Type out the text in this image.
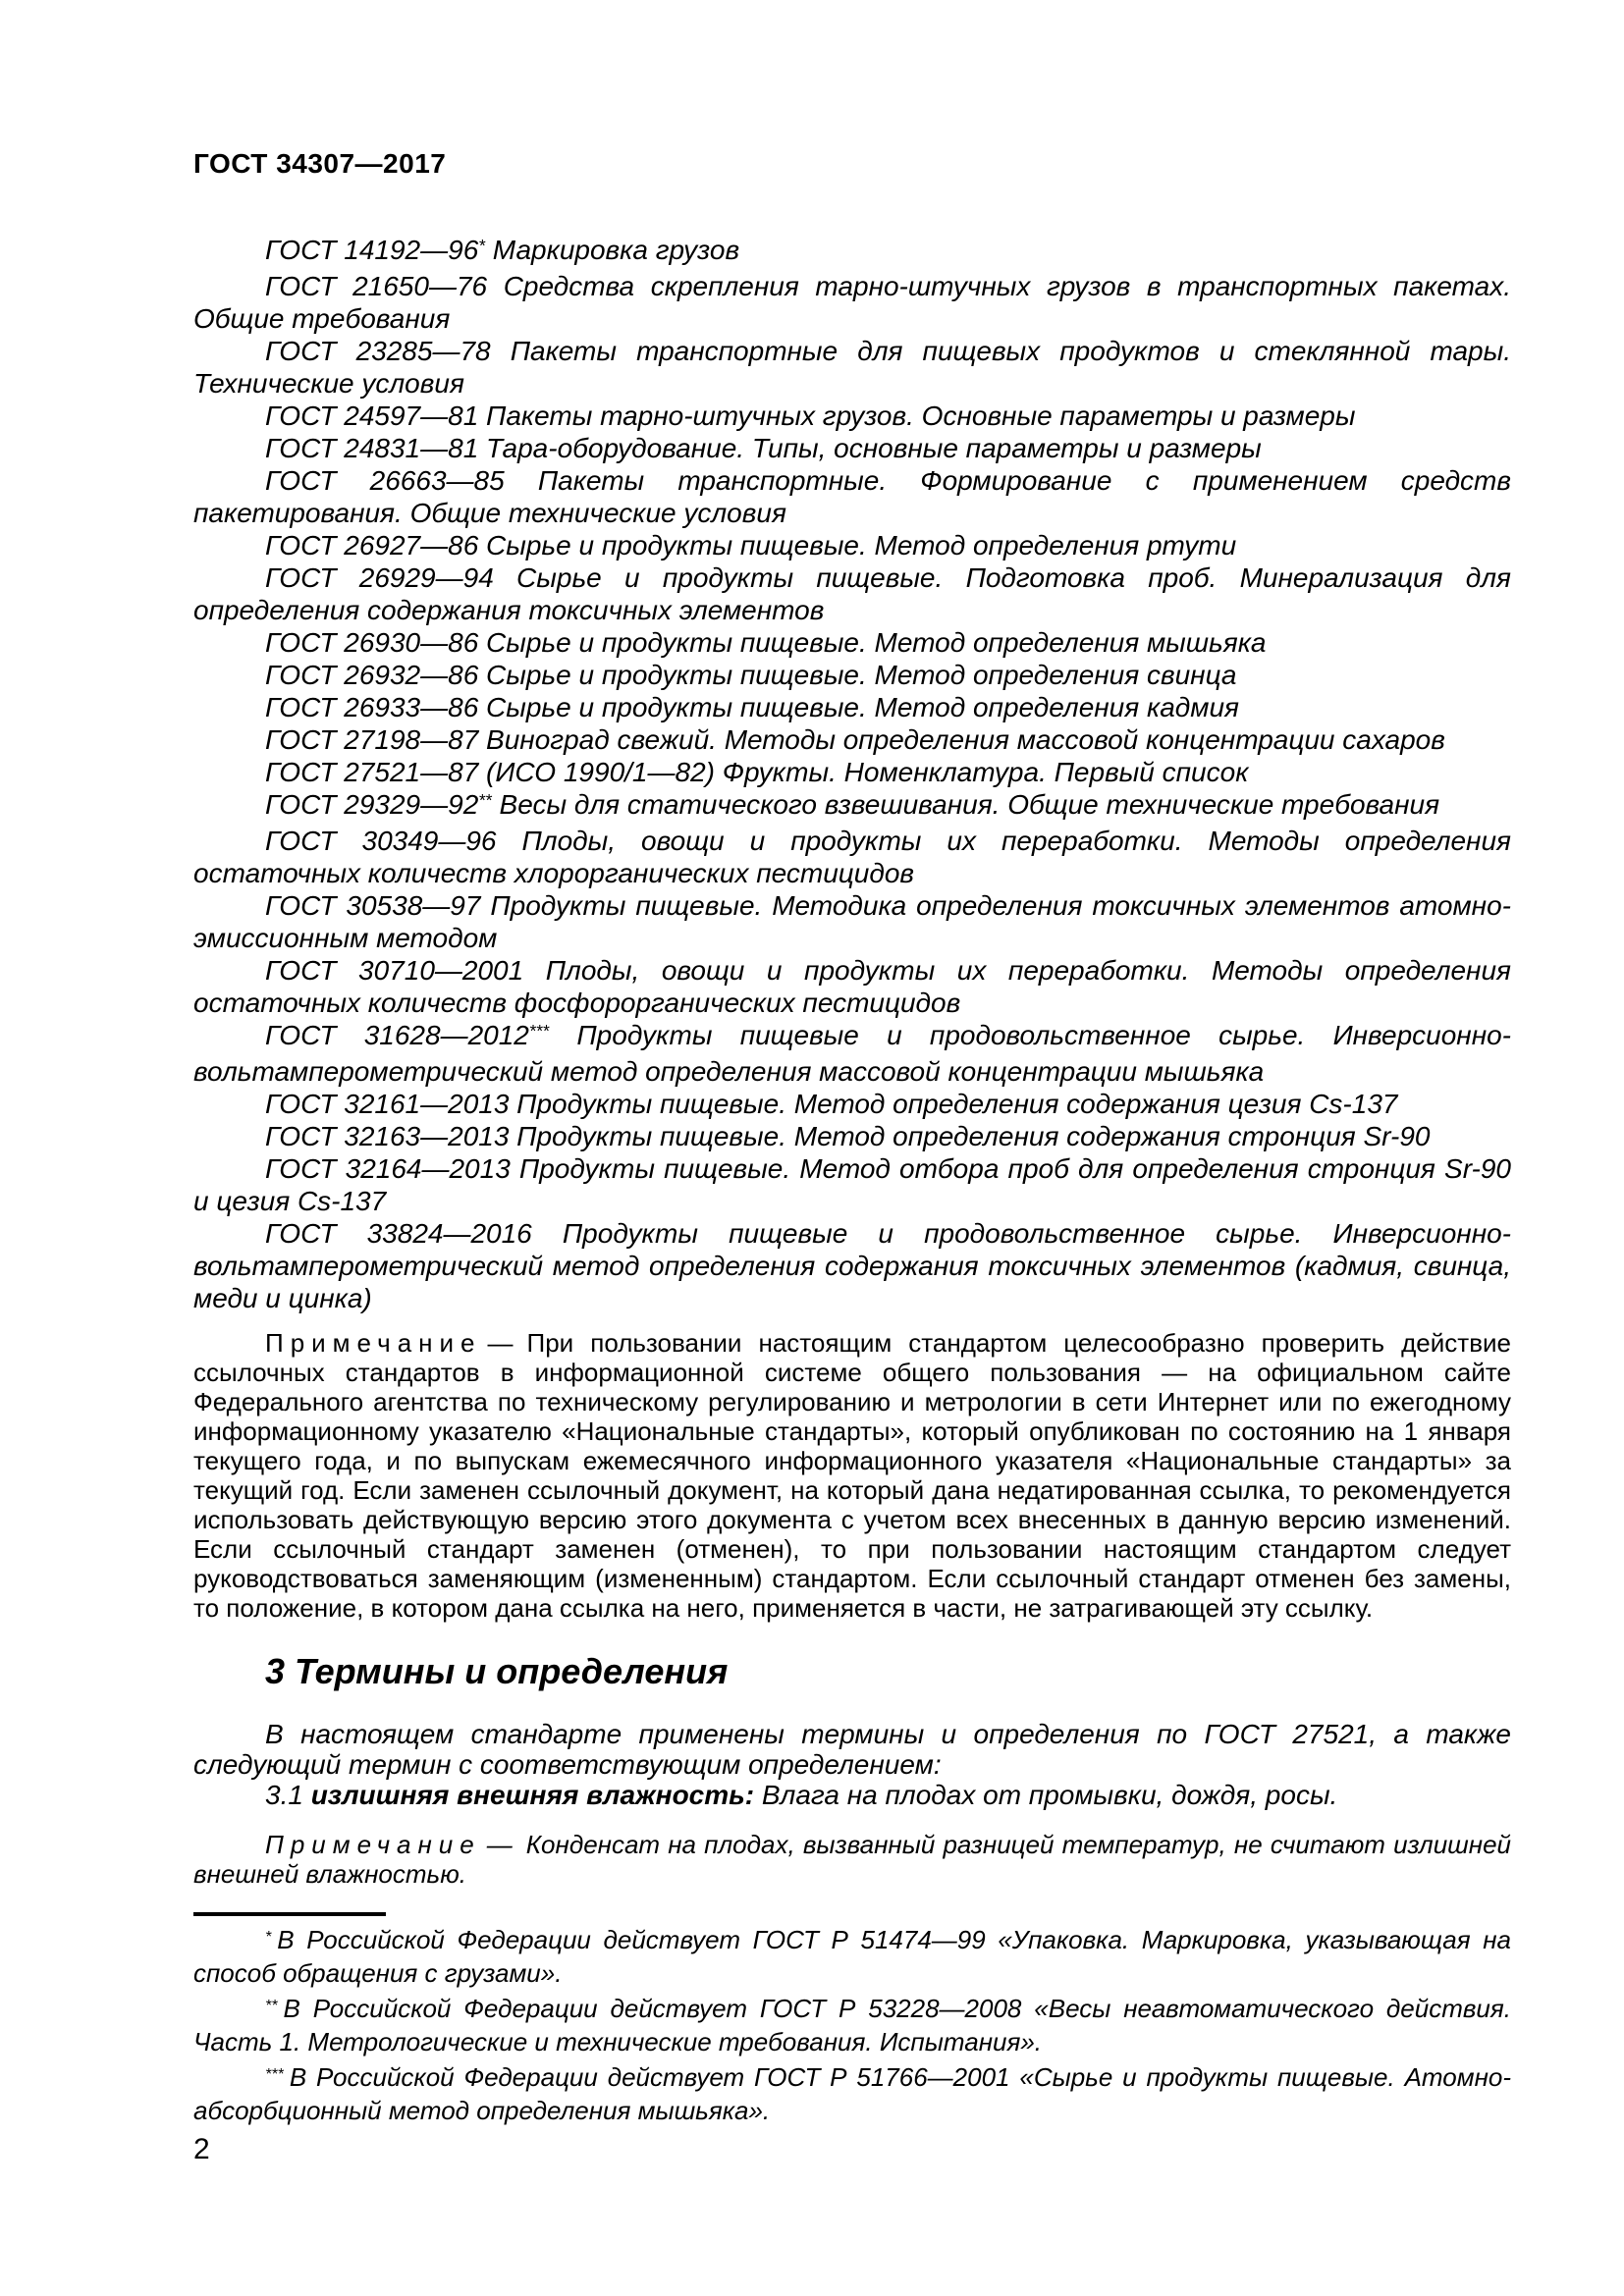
ГОСТ 34307—2017

ГОСТ 14192—96* Маркировка грузов

ГОСТ 21650—76 Средства скрепления тарно-штучных грузов в транспортных пакетах. Общие требования

ГОСТ 23285—78 Пакеты транспортные для пищевых продуктов и стеклянной тары. Технические условия

ГОСТ 24597—81 Пакеты тарно-штучных грузов. Основные параметры и размеры

ГОСТ 24831—81 Тара-оборудование. Типы, основные параметры и размеры

ГОСТ 26663—85 Пакеты транспортные. Формирование с применением средств пакетирования. Общие технические условия

ГОСТ 26927—86 Сырье и продукты пищевые. Метод определения ртути

ГОСТ 26929—94 Сырье и продукты пищевые. Подготовка проб. Минерализация для определения содержания токсичных элементов

ГОСТ 26930—86 Сырье и продукты пищевые. Метод определения мышьяка

ГОСТ 26932—86 Сырье и продукты пищевые. Метод определения свинца

ГОСТ 26933—86 Сырье и продукты пищевые. Метод определения кадмия

ГОСТ 27198—87 Виноград свежий. Методы определения массовой концентрации сахаров

ГОСТ 27521—87 (ИСО 1990/1—82) Фрукты. Номенклатура. Первый список

ГОСТ 29329—92** Весы для статического взвешивания. Общие технические требования

ГОСТ 30349—96 Плоды, овощи и продукты их переработки. Методы определения остаточных количеств хлорорганических пестицидов

ГОСТ 30538—97 Продукты пищевые. Методика определения токсичных элементов атомно-эмиссионным методом

ГОСТ 30710—2001 Плоды, овощи и продукты их переработки. Методы определения остаточных количеств фосфорорганических пестицидов

ГОСТ 31628—2012*** Продукты пищевые и продовольственное сырье. Инверсионно-вольтамперометрический метод определения массовой концентрации мышьяка

ГОСТ 32161—2013 Продукты пищевые. Метод определения содержания цезия Cs-137

ГОСТ 32163—2013 Продукты пищевые. Метод определения содержания стронция Sr-90

ГОСТ 32164—2013 Продукты пищевые. Метод отбора проб для определения стронция Sr-90 и цезия Cs-137

ГОСТ 33824—2016 Продукты пищевые и продовольственное сырье. Инверсионно-вольтамперометрический метод определения содержания токсичных элементов (кадмия, свинца, меди и цинка)

Примечание — При пользовании настоящим стандартом целесообразно проверить действие ссылочных стандартов в информационной системе общего пользования — на официальном сайте Федерального агентства по техническому регулированию и метрологии в сети Интернет или по ежегодному информационному указателю «Национальные стандарты», который опубликован по состоянию на 1 января текущего года, и по выпускам ежемесячного информационного указателя «Национальные стандарты» за текущий год. Если заменен ссылочный документ, на который дана недатированная ссылка, то рекомендуется использовать действующую версию этого документа с учетом всех внесенных в данную версию изменений. Если ссылочный стандарт заменен (отменен), то при пользовании настоящим стандартом следует руководствоваться заменяющим (измененным) стандартом. Если ссылочный стандарт отменен без замены, то положение, в котором дана ссылка на него, применяется в части, не затрагивающей эту ссылку.

3 Термины и определения

В настоящем стандарте применены термины и определения по ГОСТ 27521, а также следующий термин с соответствующим определением:

3.1 излишняя внешняя влажность: Влага на плодах от промывки, дождя, росы.

Примечание — Конденсат на плодах, вызванный разницей температур, не считают излишней внешней влажностью.

* В Российской Федерации действует ГОСТ Р 51474—99 «Упаковка. Маркировка, указывающая на способ обращения с грузами».

** В Российской Федерации действует ГОСТ Р 53228—2008 «Весы неавтоматического действия. Часть 1. Метрологические и технические требования. Испытания».

*** В Российской Федерации действует ГОСТ Р 51766—2001 «Сырье и продукты пищевые. Атомно-абсорбционный метод определения мышьяка».

2
